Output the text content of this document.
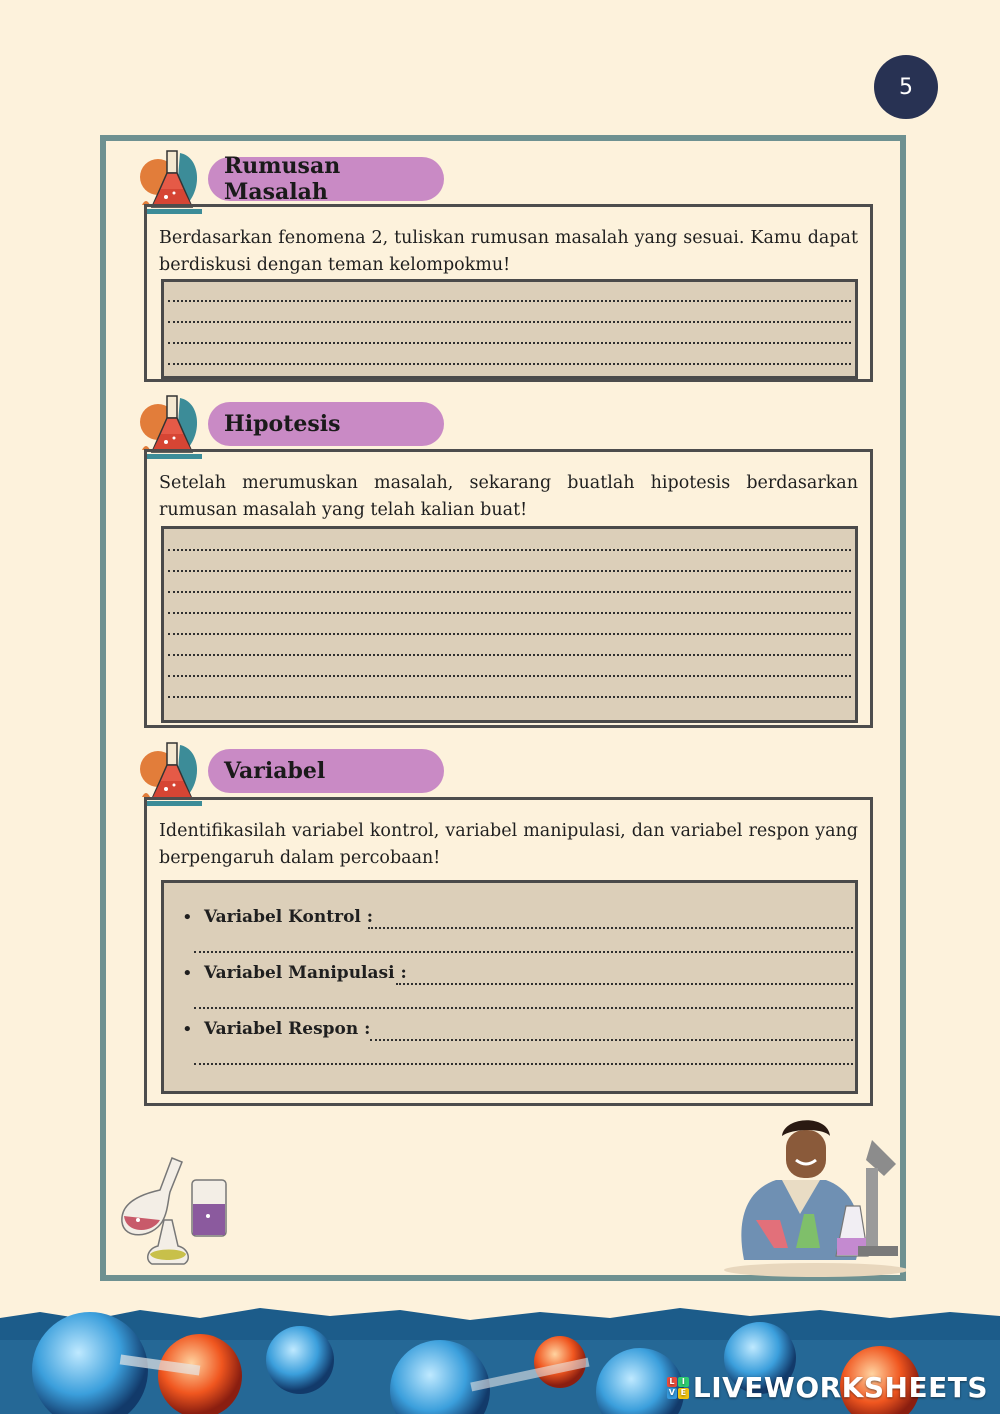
5
Rumusan Masalah
Berdasarkan fenomena 2, tuliskan rumusan masalah yang sesuai. Kamu dapat berdiskusi dengan teman kelompokmu!
Hipotesis
Setelah merumuskan masalah, sekarang buatlah hipotesis berdasarkan rumusan masalah yang telah kalian buat!
Variabel
Identifikasilah variabel kontrol, variabel manipulasi, dan variabel respon yang berpengaruh dalam percobaan!
• Variabel Kontrol :
• Variabel Manipulasi :
• Variabel Respon :
L I
V E LIVEWORKSHEETS
